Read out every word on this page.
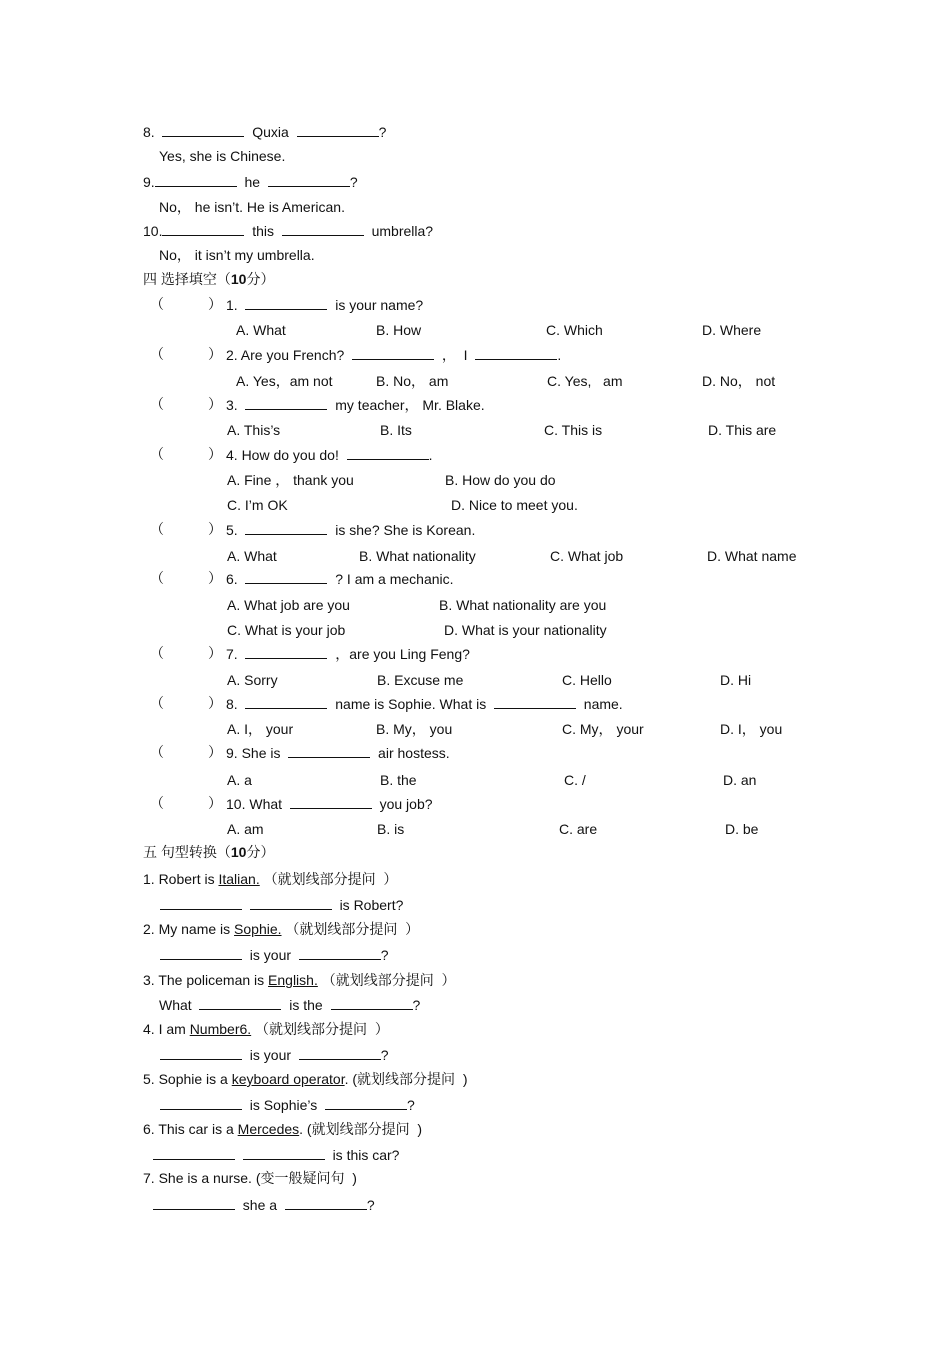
8.	Quxia	?
Yes, she is Chinese.
9.	he	?
No， he isn’t. He is American.
10.	this	umbrella?
No， it isn’t my umbrella.
四 选择填空（10分）
（	）
（	）
（	）
（	）
（	）
（	）
（	）
（	）
（	）
（	）
1.	is your name?
A. What	B. How	C. Which	D. Where
2. Are you French?	，  I	.
A. Yes，am not	B. No， am	C. Yes,   am	D. No， not
3.	my teacher， Mr. Blake.
A. This’s	B. Its	C. This is	D. This are
4. How do you do!	.
A. Fine ， thank you	B. How do you do
C. I’m OK	D. Nice to meet you.
5.	is she? She is Korean.
A. What	B. What nationality	C. What job	D. What name
6.	? I am a mechanic.
A. What job are you	B. What nationality are you
C. What is your job	D. What is your nationality
7.	，are you Ling Feng?
A. Sorry	B. Excuse me	C. Hello	D. Hi
8.	name is Sophie. What is	name.
A. I， your	B. My， you	C. My， your	D. I， you
9. She is	air hostess.
A. a	B. the	C. /	D. an
10. What	you job?
A. am	B. is	C. are	D. be
五 句型转换（10分）
1. Robert is Italian. （就划线部分提问  ）
is Robert?
2. My name is Sophie. （就划线部分提问  ）
is your	?
3. The policeman is English. （就划线部分提问  ）
What	is the	?
4. I am Number6. （就划线部分提问  ）
is your	?
5. Sophie is a keyboard operator. (就划线部分提问  )
is Sophie’s	?
6. This car is a Mercedes. (就划线部分提问  )
is this car?
7. She is a nurse. (变一般疑问句  )
she a	?
